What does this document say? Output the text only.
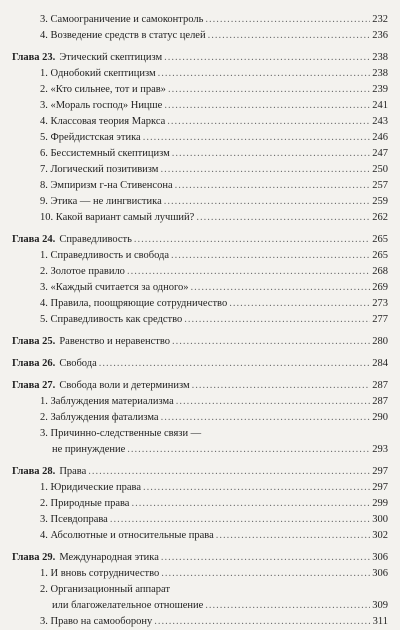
3. Самоограничение и самоконтроль .....	232
4. Возведение средств в статус целей .....	236
Глава 23. Этический скептицизм .....	238
1. Однобокий скептицизм .....	238
2. «Кто сильнее, тот и прав» .....	239
3. «Мораль господ» Ницше .....	241
4. Классовая теория Маркса .....	243
5. Фрейдистская этика .....	246
6. Бессистемный скептицизм .....	247
7. Логический позитивизм .....	250
8. Эмпиризм г-на Стивенсона .....	257
9. Этика — не лингвистика .....	259
10. Какой вариант самый лучший? .....	262
Глава 24. Справедливость .....	265
1. Справедливость и свобода .....	265
2. Золотое правило .....	268
3. «Каждый считается за одного» .....	269
4. Правила, поощряющие сотрудничество .....	273
5. Справедливость как средство .....	277
Глава 25. Равенство и неравенство .....	280
Глава 26. Свобода .....	284
Глава 27. Свобода воли и детерминизм .....	287
1. Заблуждения материализма .....	287
2. Заблуждения фатализма .....	290
3. Причинно-следственные связи —
не принуждение .....	293
Глава 28. Права .....	297
1. Юридические права .....	297
2. Природные права .....	299
3. Псевдоправа .....	300
4. Абсолютные и относительные права .....	302
Глава 29. Международная этика .....	306
1. И вновь сотрудничество .....	306
2. Организационный аппарат
или благожелательное отношение .....	309
3. Право на самооборону .....	311
